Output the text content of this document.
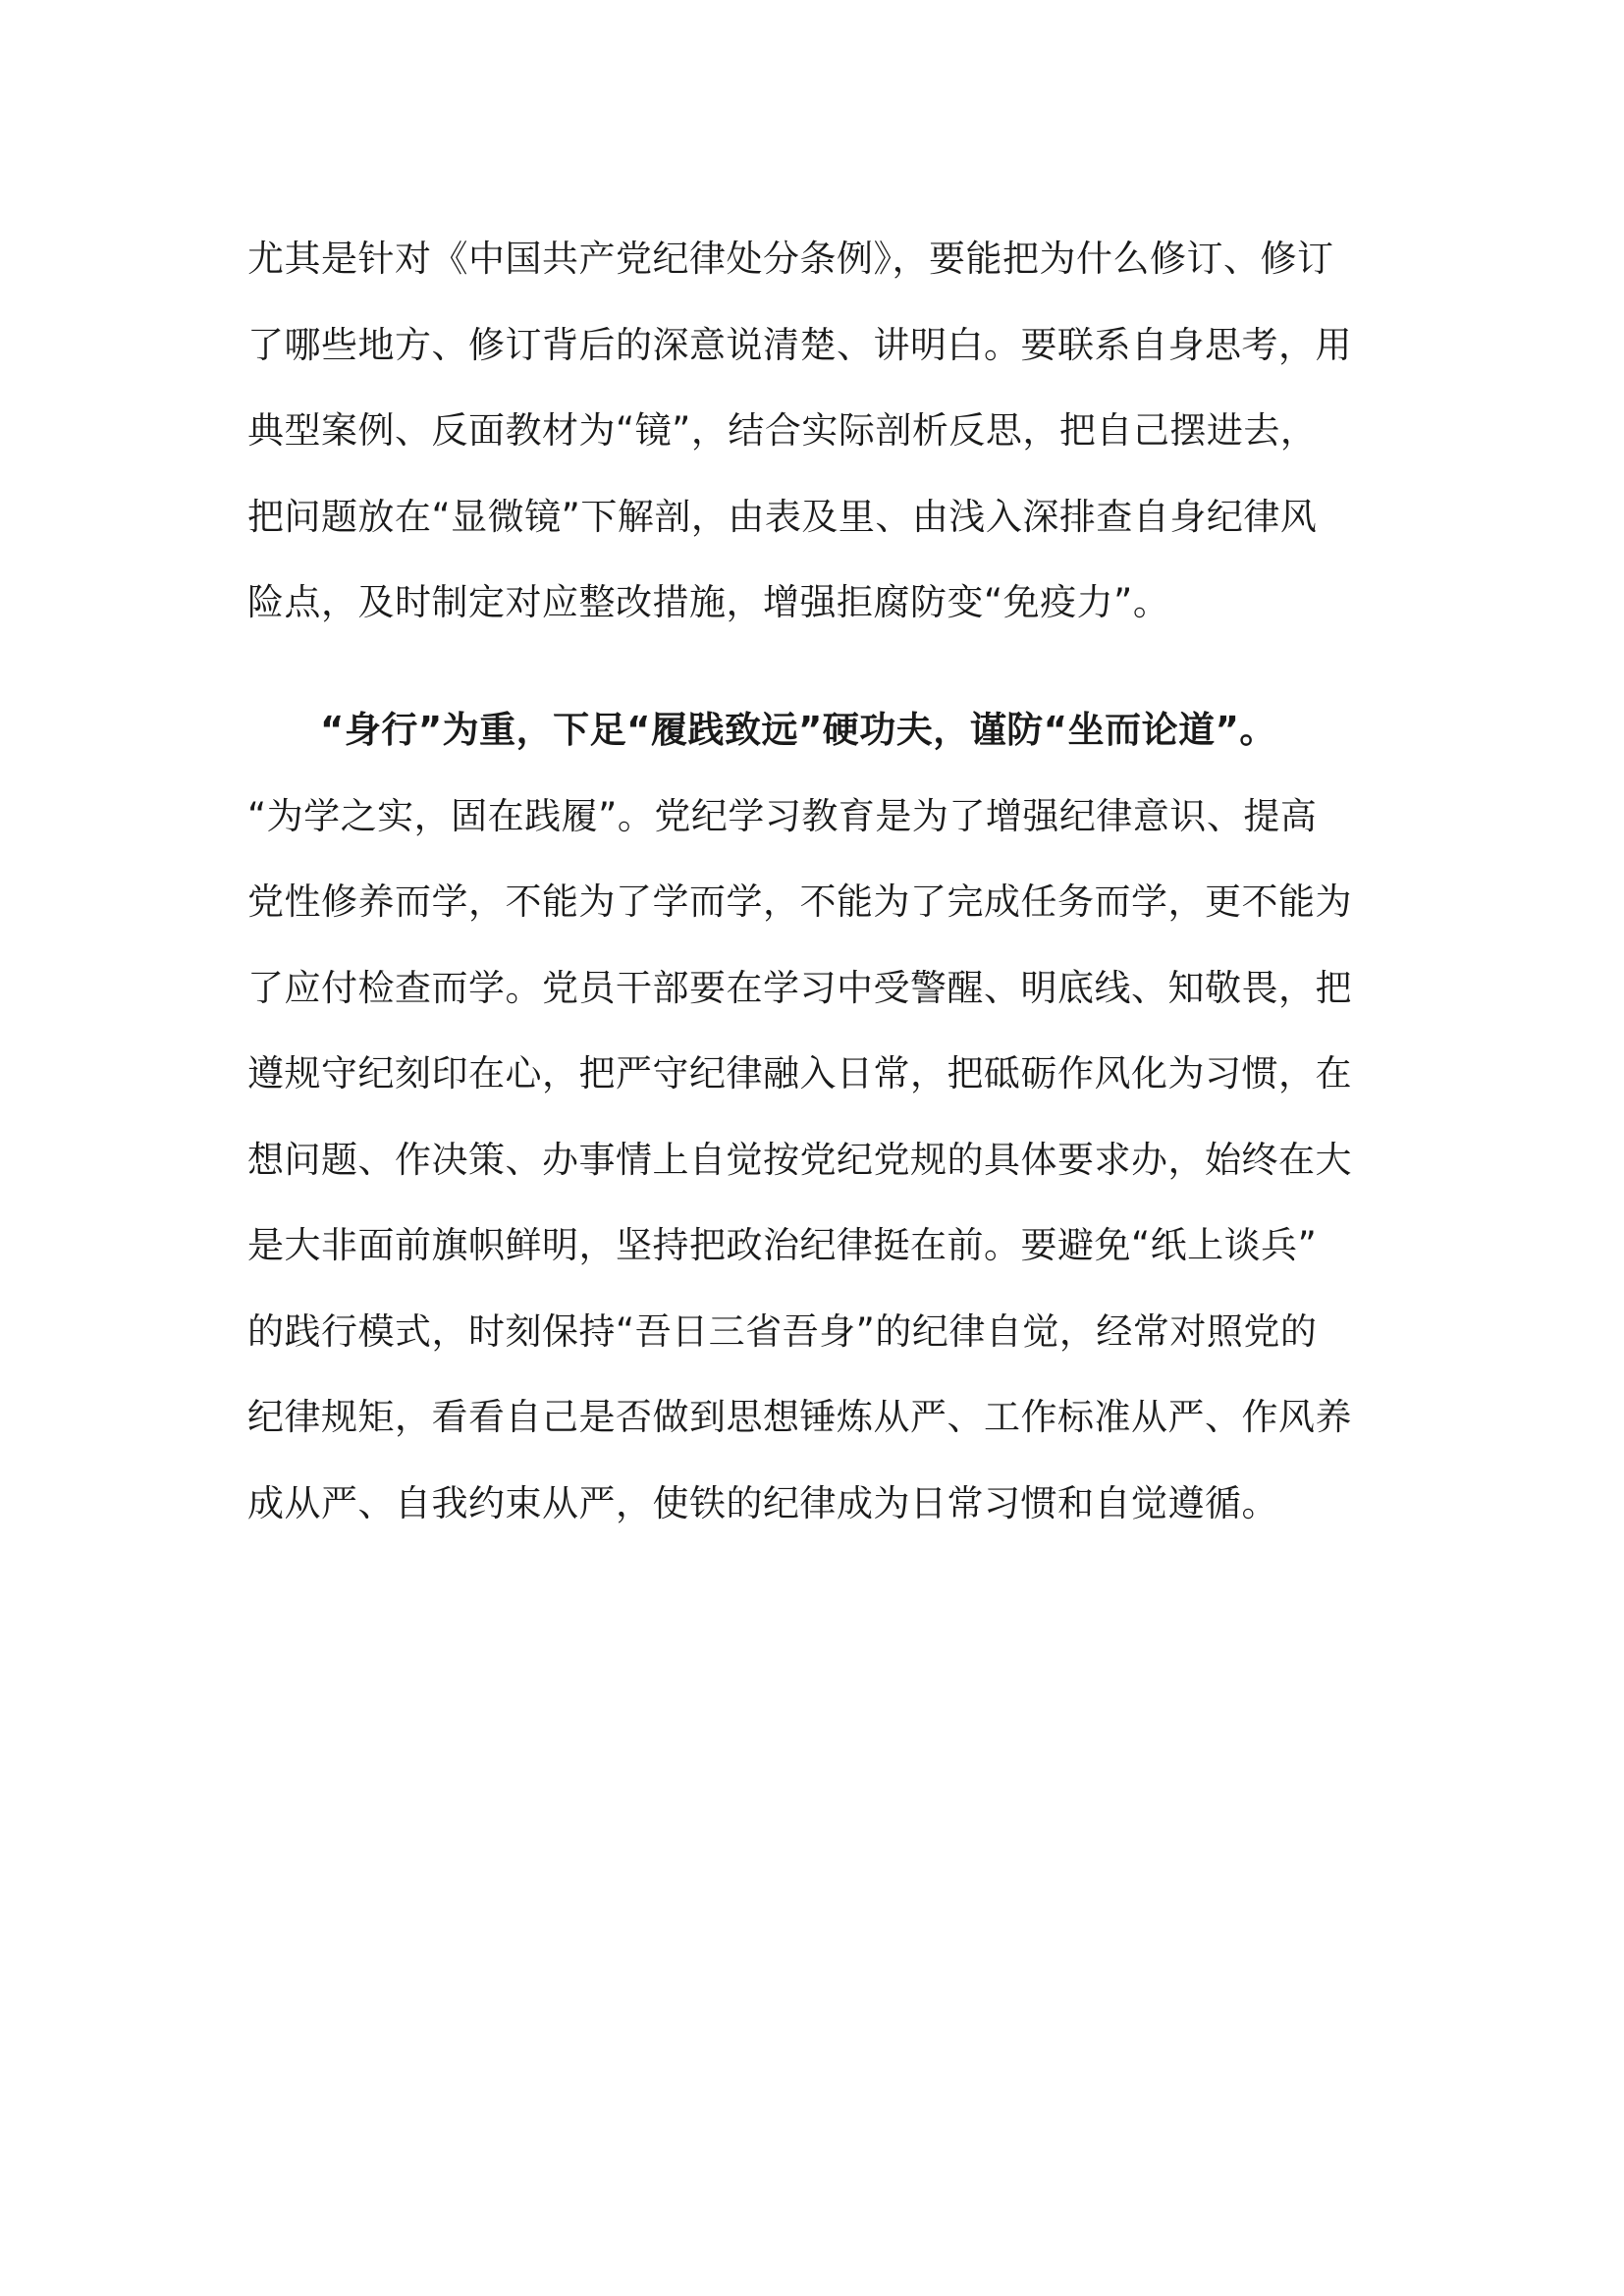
尤其是针对《中国共产党纪律处分条例》，要能把为什么修订、修订
了哪些地方、修订背后的深意说清楚、讲明白。要联系自身思考，用
典型案例、反面教材为“镜”，结合实际剖析反思，把自己摆进去，
把问题放在“显微镜”下解剖，由表及里、由浅入深排查自身纪律风
险点，及时制定对应整改措施，增强拒腐防变“免疫力”。
“身行”为重，下足“履践致远”硬功夫，谨防“坐而论道”。
“为学之实，固在践履”。党纪学习教育是为了增强纪律意识、提高
党性修养而学，不能为了学而学，不能为了完成任务而学，更不能为
了应付检查而学。党员干部要在学习中受警醒、明底线、知敬畏，把
遵规守纪刻印在心，把严守纪律融入日常，把砥砺作风化为习惯，在
想问题、作决策、办事情上自觉按党纪党规的具体要求办，始终在大
是大非面前旗帜鲜明，坚持把政治纪律挺在前。要避免“纸上谈兵”
的践行模式，时刻保持“吾日三省吾身”的纪律自觉，经常对照党的
纪律规矩，看看自己是否做到思想锤炼从严、工作标准从严、作风养
成从严、自我约束从严，使铁的纪律成为日常习惯和自觉遵循。
